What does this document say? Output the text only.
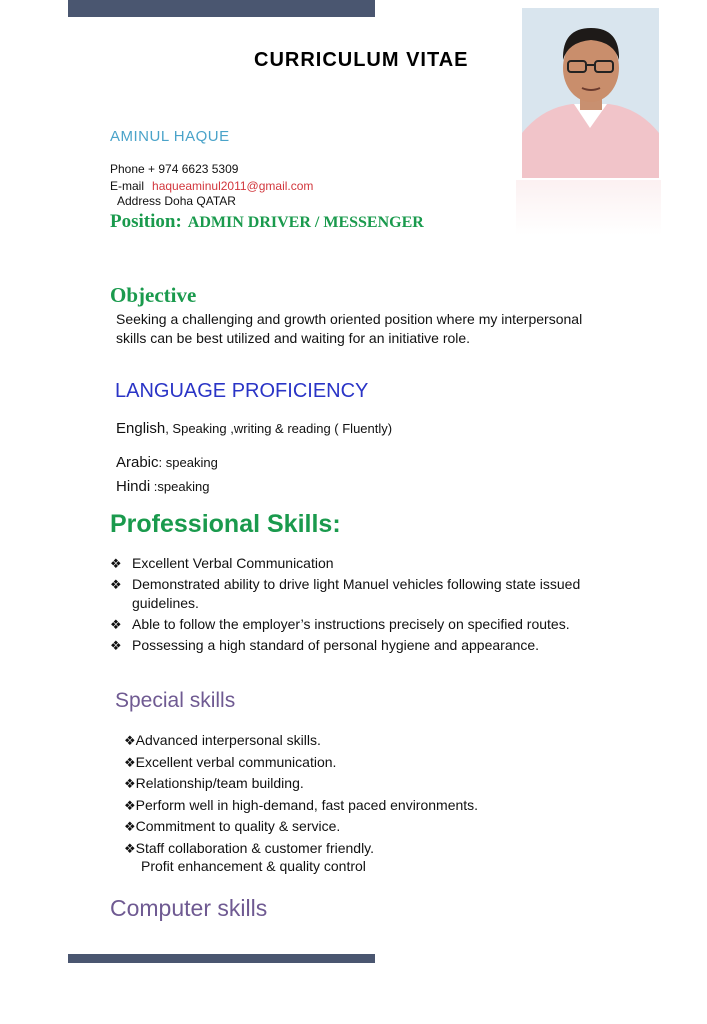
CURRICULUM VITAE
AMINUL HAQUE
Phone + 974 6623 5309
E-mail haqueaminul2011@gmail.com
Address Doha QATAR
Position: ADMIN DRIVER / MESSENGER
Objective
Seeking a challenging and growth oriented position where my interpersonal skills can be best utilized and waiting for an initiative role.
LANGUAGE PROFICIENCY
English, Speaking ,writing & reading ( Fluently)
Arabic: speaking
Hindi :speaking
Professional Skills:
❖ Excellent Verbal Communication
❖ Demonstrated ability to drive light Manuel vehicles following state issued guidelines.
❖ Able to follow the employer’s instructions precisely on specified routes.
❖ Possessing a high standard of personal hygiene and appearance.
Special skills
❖Advanced interpersonal skills.
❖Excellent verbal communication.
❖Relationship/team building.
❖Perform well in high-demand, fast paced environments.
❖Commitment to quality & service.
❖Staff collaboration & customer friendly.
Profit enhancement & quality control
Computer skills
